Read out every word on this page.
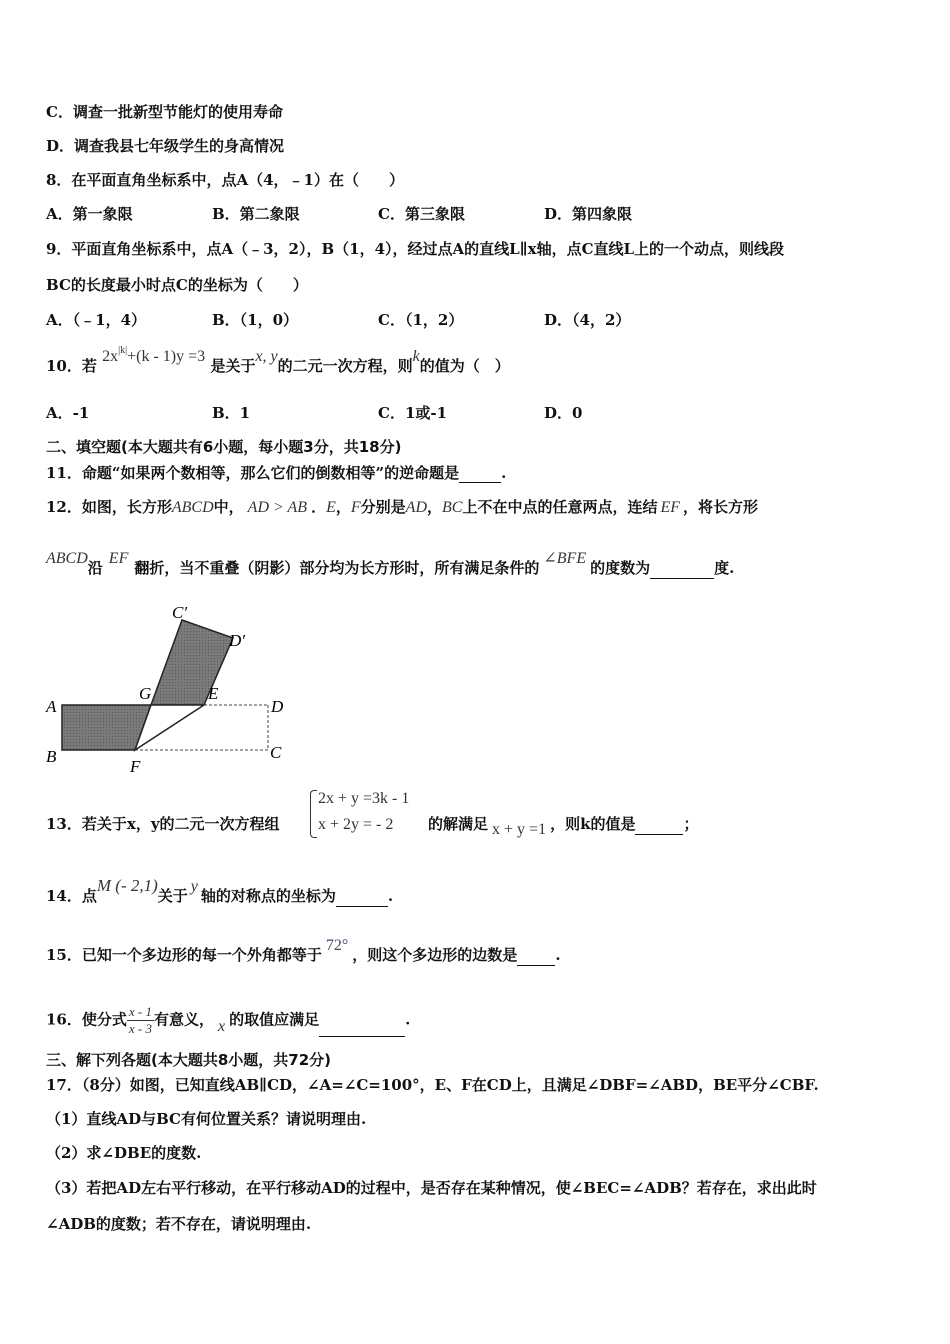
C．调查一批新型节能灯的使用寿命
D．调查我县七年级学生的身高情况
8．在平面直角坐标系中，点A（4，﹣1）在（　　）
A．第一象限	B．第二象限	C．第三象限	D．第四象限
9．平面直角坐标系中，点A（﹣3，2），B（1，4），经过点A的直线L∥x轴，点C直线L上的一个动点，则线段
BC的长度最小时点C的坐标为（　　）
A．（﹣1，4）	B．（1，0）	C．（1，2）	D．（4，2）
10．若 $2x^{|k|}+(k - 1)y =3$ 是关于x, y的二元一次方程，则k的值为（　）
A．-1	B．1	C．1或-1	D．0
二、填空题(本大题共有6小题，每小题3分，共18分)
11．命题“如果两个数相等，那么它们的倒数相等”的逆命题是	.
12．如图，长方形ABCD中， AD > AB ．E，F分别是AD，BC上不在中点的任意两点，连结 EF ，将长方形
ABCD沿EF翻折，当不重叠（阴影）部分均为长方形时，所有满足条件的∠BFE的度数为	度.
A
B
F
C
D
G	E
C′
D′
13．若关于x，y的二元一次方程组
2x + y =3k - 1
x + 2y = - 2 的解满足 x + y =1 ，则k的值是	；
14．点M (- 2,1)关于y轴的对称点的坐标为	.
15．已知一个多边形的每一个外角都等于72°，则这个多边形的边数是	.
16．使分式 $\frac{x - 1}{x - 3}$ 有意义， x 的取值应满足	.
三、解下列各题(本大题共8小题，共72分)
17．（8分）如图，已知直线AB∥CD，∠A=∠C=100°，E、F在CD上，且满足∠DBF=∠ABD，BE平分∠CBF.
（1）直线AD与BC有何位置关系？请说明理由.
（2）求∠DBE的度数.
（3）若把AD左右平行移动，在平行移动AD的过程中，是否存在某种情况，使∠BEC=∠ADB？若存在，求出此时
∠ADB的度数；若不存在，请说明理由.
